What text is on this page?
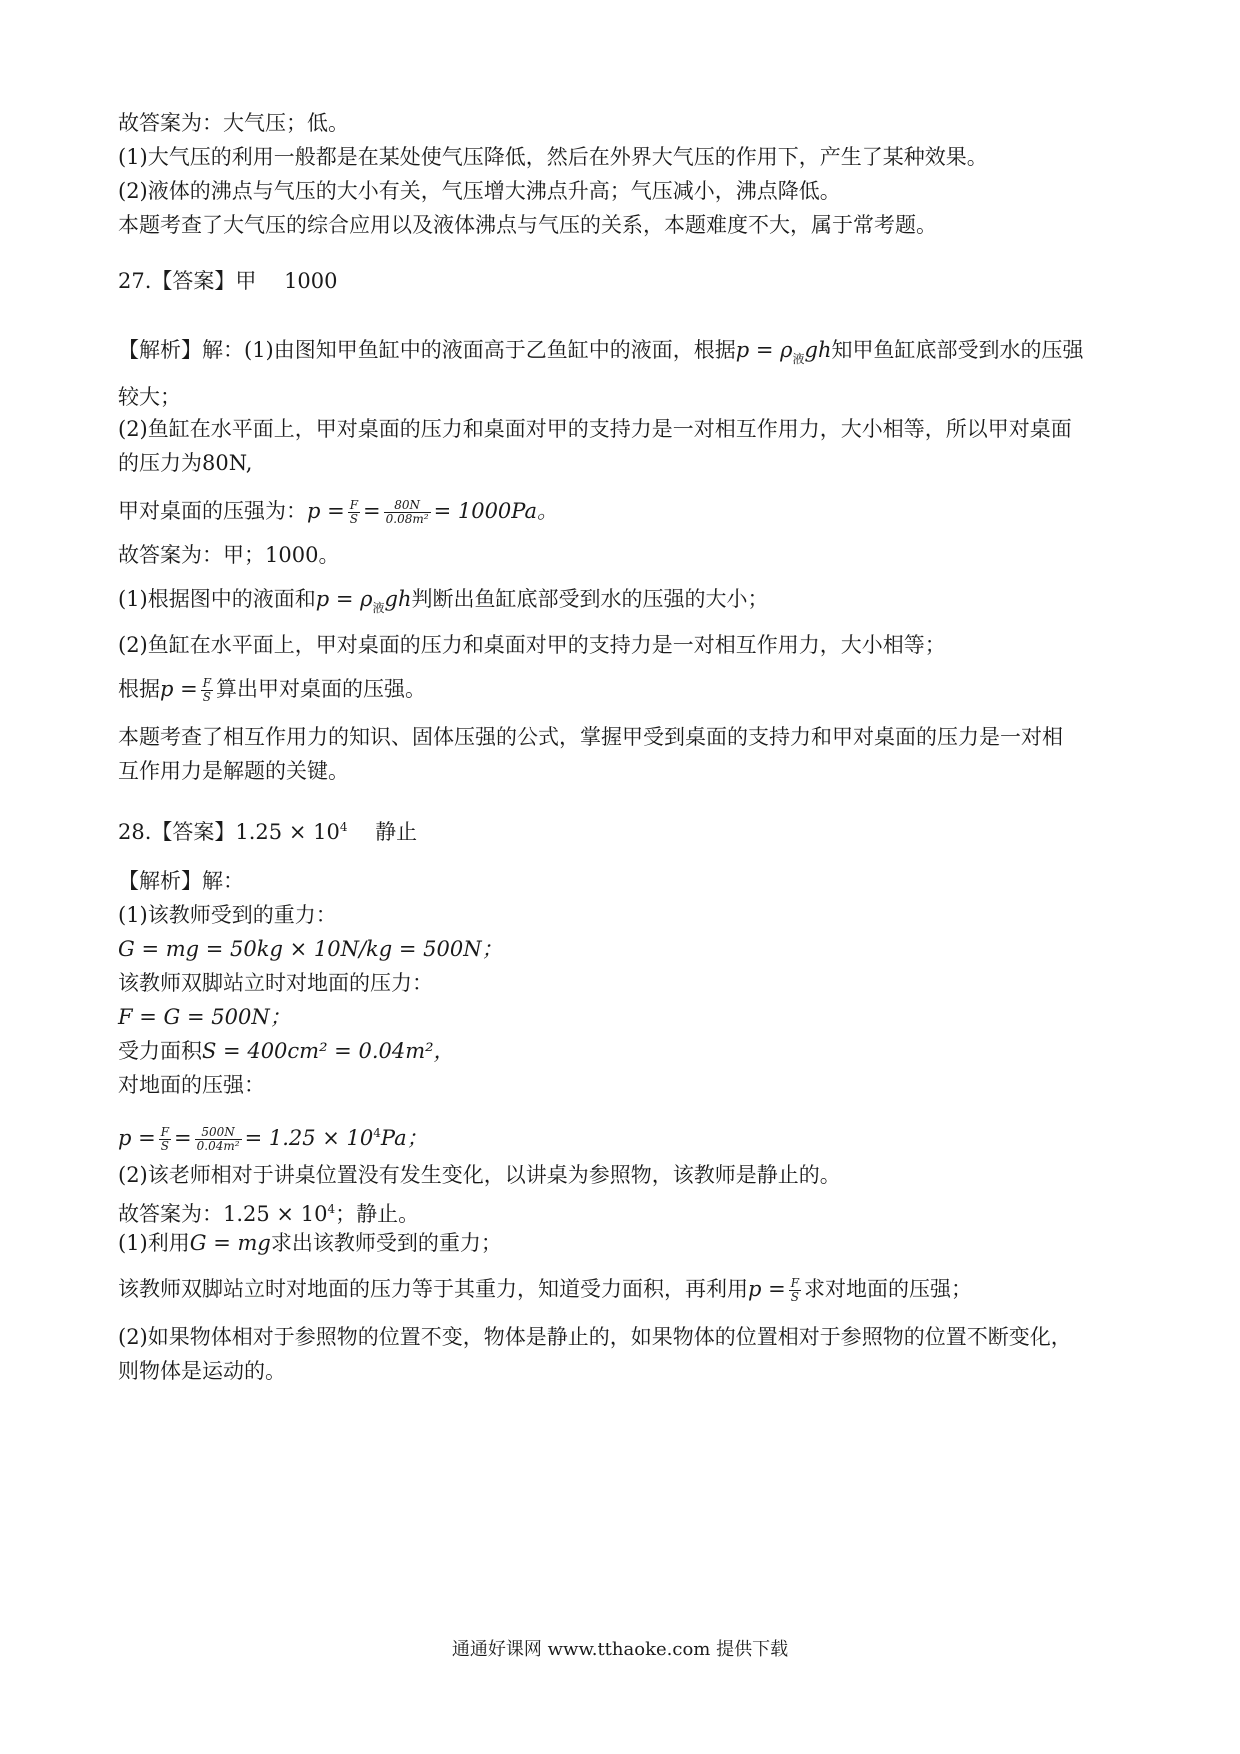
故答案为：大气压；低。
(1)大气压的利用一般都是在某处使气压降低，然后在外界大气压的作用下，产生了某种效果。
(2)液体的沸点与气压的大小有关，气压增大沸点升高；气压减小，沸点降低。
本题考查了大气压的综合应用以及液体沸点与气压的关系，本题难度不大，属于常考题。
27.【答案】甲　 1000
【解析】解：(1)由图知甲鱼缸中的液面高于乙鱼缸中的液面，根据$p = \rho_液gh$知甲鱼缸底部受到水的压强
较大；
(2)鱼缸在水平面上，甲对桌面的压力和桌面对甲的支持力是一对相互作用力，大小相等，所以甲对桌面
的压力为80N,
甲对桌面的压强为：$p = \frac{F}{S} = \frac{80N}{\text{0.08m²}} = 1000Pa$。
故答案为：甲；1000。
(1)根据图中的液面和$p = \rho_液gh$判断出鱼缸底部受到水的压强的大小；
(2)鱼缸在水平面上，甲对桌面的压力和桌面对甲的支持力是一对相互作用力，大小相等；
根据$p = \frac{F}{S}$ 算出甲对桌面的压强。
本题考查了相互作用力的知识、固体压强的公式，掌握甲受到桌面的支持力和甲对桌面的压力是一对相
互作用力是解题的关键。
28.【答案】$1.25 \times 10^4$　 静止
【解析】解：
(1)该教师受到的重力：
G = mg = 50kg × 10N/kg = 500N；
该教师双脚站立时对地面的压力：
F = G = 500N；
受力面积S = 400cm² = 0.04m²，
对地面的压强：
$p = \frac{F}{S} = \frac{500N}{\text{0.04m²}} = 1.25 \times 10^4Pa$；
(2)该老师相对于讲桌位置没有发生变化，以讲桌为参照物，该教师是静止的。
故答案为：$1.25 \times 10^4$；静止。
(1)利用G = mg求出该教师受到的重力；
该教师双脚站立时对地面的压力等于其重力，知道受力面积，再利用$p = \frac{F}{S}$ 求对地面的压强；
(2)如果物体相对于参照物的位置不变，物体是静止的，如果物体的位置相对于参照物的位置不断变化，
则物体是运动的。
通通好课网 www.tthaoke.com 提供下载
